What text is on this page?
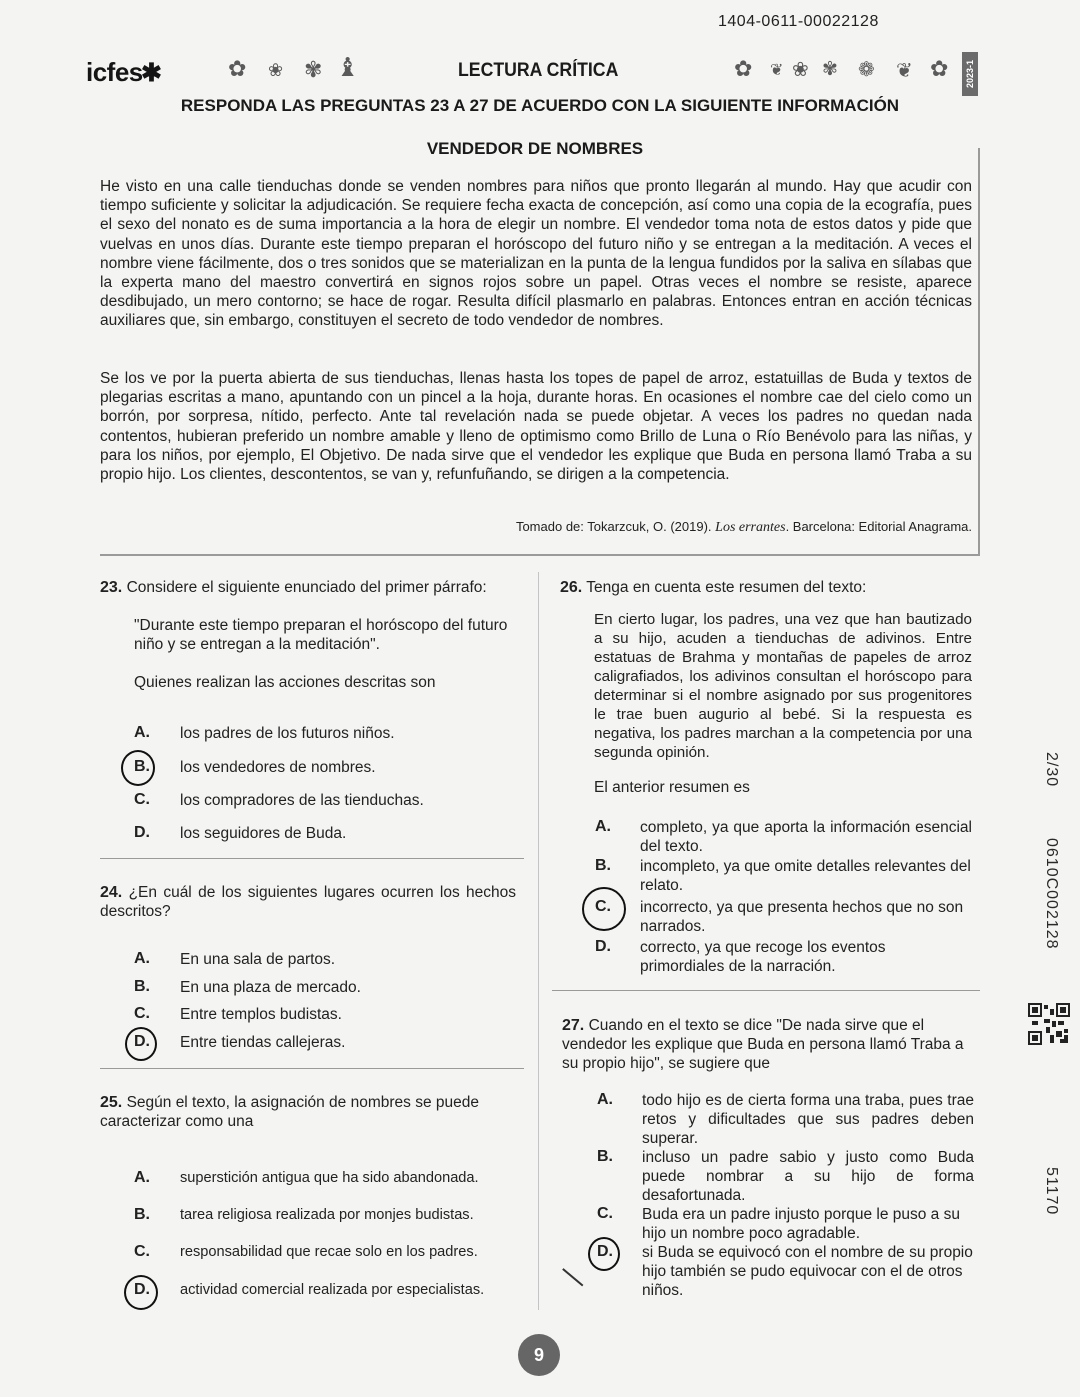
1404-0611-00022128
icfes
✱	✿ ❀ ✾ ♝	✿ ❦ ❀ ✾ ❁ ❦ ✿
LECTURA CRÍTICA	2023-1
RESPONDA LAS PREGUNTAS 23 A 27 DE ACUERDO CON LA SIGUIENTE INFORMACIÓN
VENDEDOR DE NOMBRES

He visto en una calle tienduchas donde se venden nombres para niños que pronto llegarán al mundo. Hay que acudir con tiempo suficiente y solicitar la adjudicación. Se requiere fecha exacta de concepción, así como una copia de la ecografía, pues el sexo del nonato es de suma importancia a la hora de elegir un nombre. El vendedor toma nota de estos datos y pide que vuelvas en unos días. Durante este tiempo preparan el horóscopo del futuro niño y se entregan a la meditación. A veces el nombre viene fácilmente, dos o tres sonidos que se materializan en la punta de la lengua fundidos por la saliva en sílabas que la experta mano del maestro convertirá en signos rojos sobre un papel. Otras veces el nombre se resiste, aparece desdibujado, un mero contorno; se hace de rogar. Resulta difícil plasmarlo en palabras. Entonces entran en acción técnicas auxiliares que, sin embargo, constituyen el secreto de todo vendedor de nombres.

Se los ve por la puerta abierta de sus tienduchas, llenas hasta los topes de papel de arroz, estatuillas de Buda y textos de plegarias escritas a mano, apuntando con un pincel a la hoja, durante horas. En ocasiones el nombre cae del cielo como un borrón, por sorpresa, nítido, perfecto. Ante tal revelación nada se puede objetar. A veces los padres no quedan nada contentos, hubieran preferido un nombre amable y lleno de optimismo como Brillo de Luna o Río Benévolo para las niñas, y para los niños, por ejemplo, El Objetivo. De nada sirve que el vendedor les explique que Buda en persona llamó Traba a su propio hijo. Los clientes, descontentos, se van y, refunfuñando, se dirigen a la competencia.

Tomado de: Tokarzcuk, O. (2019). Los errantes. Barcelona: Editorial Anagrama.
23. Considere el siguiente enunciado del primer párrafo:
"Durante este tiempo preparan el horóscopo del futuro niño y se entregan a la meditación".
Quienes realizan las acciones descritas son
A. los padres de los futuros niños.
B. los vendedores de nombres.
C. los compradores de las tienduchas.
D. los seguidores de Buda.
24. ¿En cuál de los siguientes lugares ocurren los hechos descritos?
A. En una sala de partos.
B. En una plaza de mercado.
C. Entre templos budistas.
D. Entre tiendas callejeras.
25. Según el texto, la asignación de nombres se puede caracterizar como una
A. superstición antigua que ha sido abandonada.
B. tarea religiosa realizada por monjes budistas.
C. responsabilidad que recae solo en los padres.
D. actividad comercial realizada por especialistas.
26. Tenga en cuenta este resumen del texto:
En cierto lugar, los padres, una vez que han bautizado a su hijo, acuden a tienduchas de adivinos. Entre estatuas de Brahma y montañas de papeles de arroz caligrafiados, los adivinos consultan el horóscopo para determinar si el nombre asignado por sus progenitores le trae buen augurio al bebé. Si la respuesta es negativa, los padres marchan a la competencia por una segunda opinión.
El anterior resumen es
A. completo, ya que aporta la información esencial del texto.
B. incompleto, ya que omite detalles relevantes del relato.
C. incorrecto, ya que presenta hechos que no son narrados.
D. correcto, ya que recoge los eventos primordiales de la narración.
27. Cuando en el texto se dice "De nada sirve que el vendedor les explique que Buda en persona llamó Traba a su propio hijo", se sugiere que
A. todo hijo es de cierta forma una traba, pues trae retos y dificultades que sus padres deben superar.
B. incluso un padre sabio y justo como Buda puede nombrar a su hijo de forma desafortunada.
C. Buda era un padre injusto porque le puso a su hijo un nombre poco agradable.
D. si Buda se equivocó con el nombre de su propio hijo también se pudo equivocar con el de otros niños.
2/30
0610C002128
51170
9
